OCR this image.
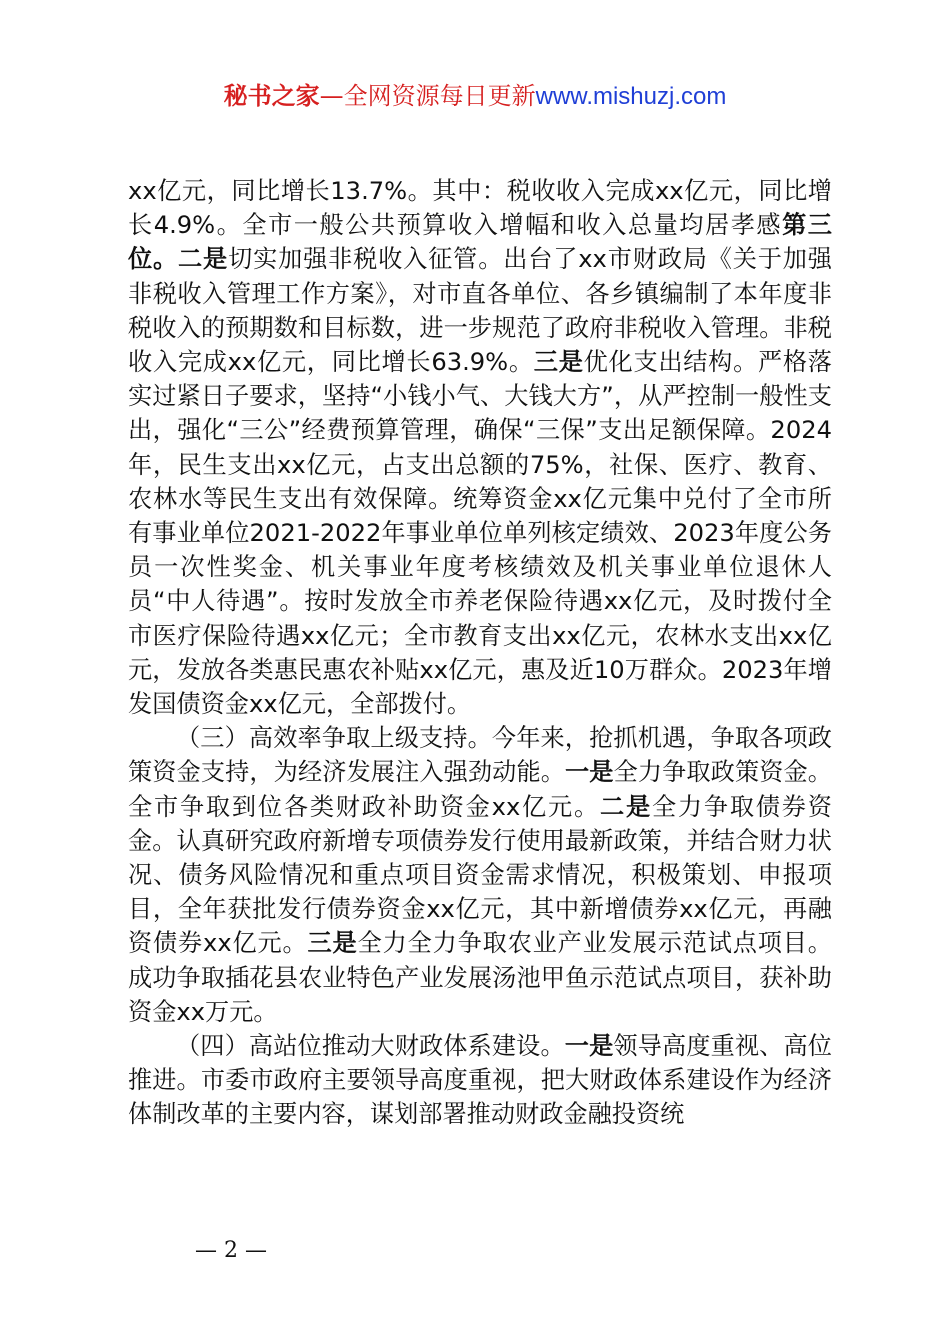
秘书之家—全网资源每日更新www.mishuzj.com

xx亿元，同比增长13.7%。其中：税收收入完成xx亿元，同比增长4.9%。全市一般公共预算收入增幅和收入总量均居孝感第三位。二是切实加强非税收入征管。出台了xx市财政局《关于加强非税收入管理工作方案》，对市直各单位、各乡镇编制了本年度非税收入的预期数和目标数，进一步规范了政府非税收入管理。非税收入完成xx亿元，同比增长63.9%。三是优化支出结构。严格落实过紧日子要求，坚持“小钱小气、大钱大方”，从严控制一般性支出，强化“三公”经费预算管理，确保“三保”支出足额保障。2024年，民生支出xx亿元，占支出总额的75%，社保、医疗、教育、农林水等民生支出有效保障。统筹资金xx亿元集中兑付了全市所有事业单位2021-2022年事业单位单列核定绩效、2023年度公务员一次性奖金、机关事业年度考核绩效及机关事业单位退休人员“中人待遇”。按时发放全市养老保险待遇xx亿元，及时拨付全市医疗保险待遇xx亿元；全市教育支出xx亿元，农林水支出xx亿元，发放各类惠民惠农补贴xx亿元，惠及近10万群众。2023年增发国债资金xx亿元，全部拨付。

（三）高效率争取上级支持。今年来，抢抓机遇，争取各项政策资金支持，为经济发展注入强劲动能。一是全力争取政策资金。全市争取到位各类财政补助资金xx亿元。二是全力争取债券资金。认真研究政府新增专项债券发行使用最新政策，并结合财力状况、债务风险情况和重点项目资金需求情况，积极策划、申报项目，全年获批发行债券资金xx亿元，其中新增债券xx亿元，再融资债券xx亿元。三是全力全力争取农业产业发展示范试点项目。成功争取插花县农业特色产业发展汤池甲鱼示范试点项目，获补助资金xx万元。

（四）高站位推动大财政体系建设。一是领导高度重视、高位推进。市委市政府主要领导高度重视，把大财政体系建设作为经济体制改革的主要内容，谋划部署推动财政金融投资统

— 2 —
